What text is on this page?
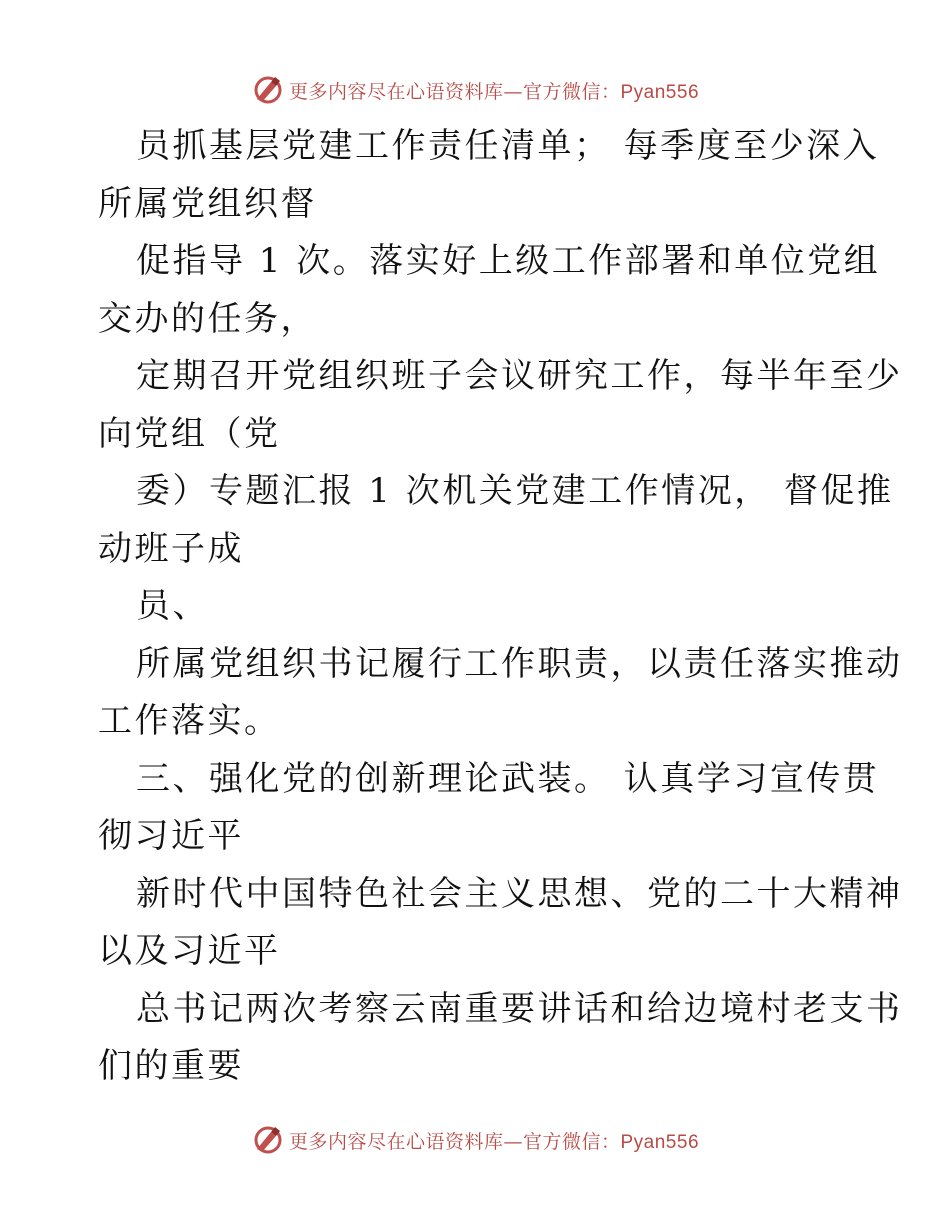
更多内容尽在心语资料库—官方微信：Pyan556
员抓基层党建工作责任清单； 每季度至少深入
所属党组织督
促指导 1 次。落实好上级工作部署和单位党组
交办的任务，
定期召开党组织班子会议研究工作，每半年至少
向党组（党
委）专题汇报 1 次机关党建工作情况， 督促推
动班子成
员、
所属党组织书记履行工作职责，以责任落实推动
工作落实。
三、强化党的创新理论武装。 认真学习宣传贯
彻习近平
新时代中国特色社会主义思想、党的二十大精神
以及习近平
总书记两次考察云南重要讲话和给边境村老支书
们的重要
更多内容尽在心语资料库—官方微信：Pyan556
